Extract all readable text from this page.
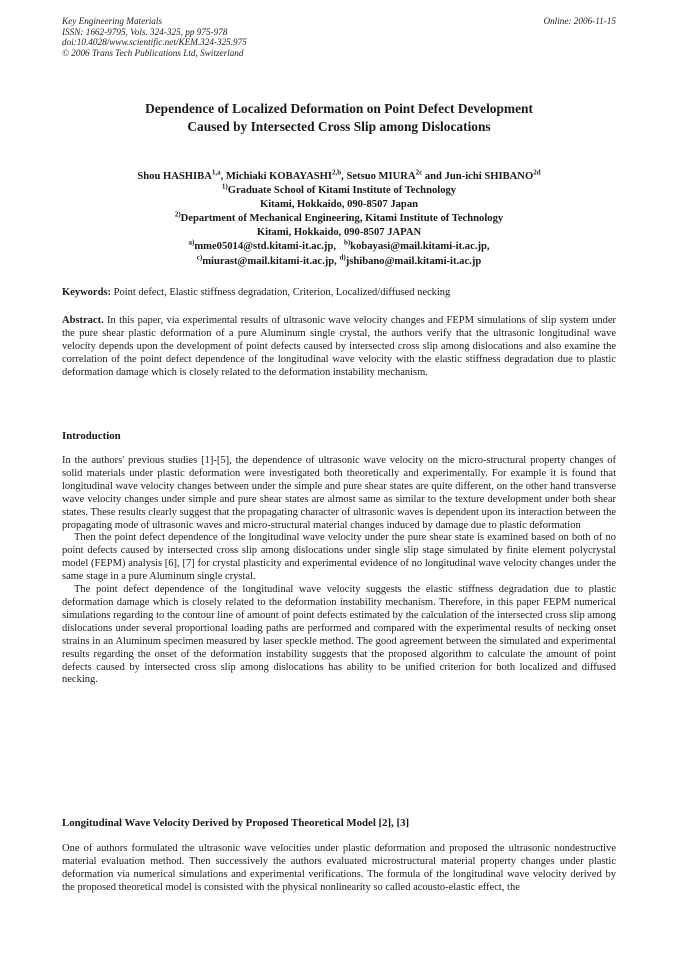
Key Engineering Materials
ISSN: 1662-9795, Vols. 324-325, pp 975-978
doi:10.4028/www.scientific.net/KEM.324-325.975
© 2006 Trans Tech Publications Ltd, Switzerland
Online: 2006-11-15
Dependence of Localized Deformation on Point Defect Development
Caused by Intersected Cross Slip among Dislocations
Shou HASHIBA$^{1,a}$, Michiaki KOBAYASHI$^{2,b}$, Setsuo $MIURA^{2c}$ and Jun-ichi $SHIBANO^{2d}$
$^{1)}$Graduate School of Kitami Institute of Technology
Kitami, Hokkaido, 090-8507 Japan
$^{2)}$Department of Mechanical Engineering, Kitami Institute of Technology
Kitami, Hokkaido, 090-8507 JAPAN
$^{a)}$mme05014@std.kitami-it.ac.jp, $^{b)}$kobayasi@mail.kitami-it.ac.jp,
$^{c)}$miurast@mail.kitami-it.ac.jp, $^{d)}$jshibano@mail.kitami-it.ac.jp
Keywords: Point defect, Elastic stiffness degradation, Criterion, Localized/diffused necking
Abstract. In this paper, via experimental results of ultrasonic wave velocity changes and FEPM simulations of slip system under the pure shear plastic deformation of a pure Aluminum single crystal, the authors verify that the ultrasonic longitudinal wave velocity depends upon the development of point defects caused by intersected cross slip among dislocations and also examine the correlation of the point defect dependence of the longitudinal wave velocity with the elastic stiffness degradation due to plastic deformation damage which is closely related to the deformation instability mechanism.
Introduction

In the authors' previous studies [1]-[5], the dependence of ultrasonic wave velocity on the micro-structural property changes of solid materials under plastic deformation were investigated both theoretically and experimentally. For example it is found that longitudinal wave velocity changes between under the simple and pure shear states are quite different, on the other hand transverse wave velocity changes under simple and pure shear states are almost same as similar to the texture development under both shear states. These results clearly suggest that the propagating character of ultrasonic waves is dependent upon its interaction between the propagating mode of ultrasonic waves and micro-structural material changes induced by damage due to plastic deformation

Then the point defect dependence of the longitudinal wave velocity under the pure shear state is examined based on both of no point defects caused by intersected cross slip among dislocations under single slip stage simulated by finite element polycrystal model (FEPM) analysis [6], [7] for crystal plasticity and experimental evidence of no longitudinal wave velocity changes under the same stage in a pure Aluminum single crystal.

The point defect dependence of the longitudinal wave velocity suggests the elastic stiffness degradation due to plastic deformation damage which is closely related to the deformation instability mechanism. Therefore, in this paper FEPM numerical simulations regarding to the contour line of amount of point defects estimated by the calculation of the intersected cross slip among dislocations under several proportional loading paths are performed and compared with the experimental results of necking onset strains in an Aluminum specimen measured by laser speckle method. The good agreement between the simulated and experimental results regarding the onset of the deformation instability suggests that the proposed algorithm to calculate the amount of point defects caused by intersected cross slip among dislocations has ability to be unified criterion for both localized and diffused necking.

Longitudinal Wave Velocity Derived by Proposed Theoretical Model [2], [3]

One of authors formulated the ultrasonic wave velocities under plastic deformation and proposed the ultrasonic nondestructive material evaluation method. Then successively the authors evaluated microstructural material property changes under plastic deformation via numerical simulations and experimental verifications. The formula of the longitudinal wave velocity derived by the proposed theoretical model is consisted with the physical nonlinearity so called acousto-elastic effect, the
